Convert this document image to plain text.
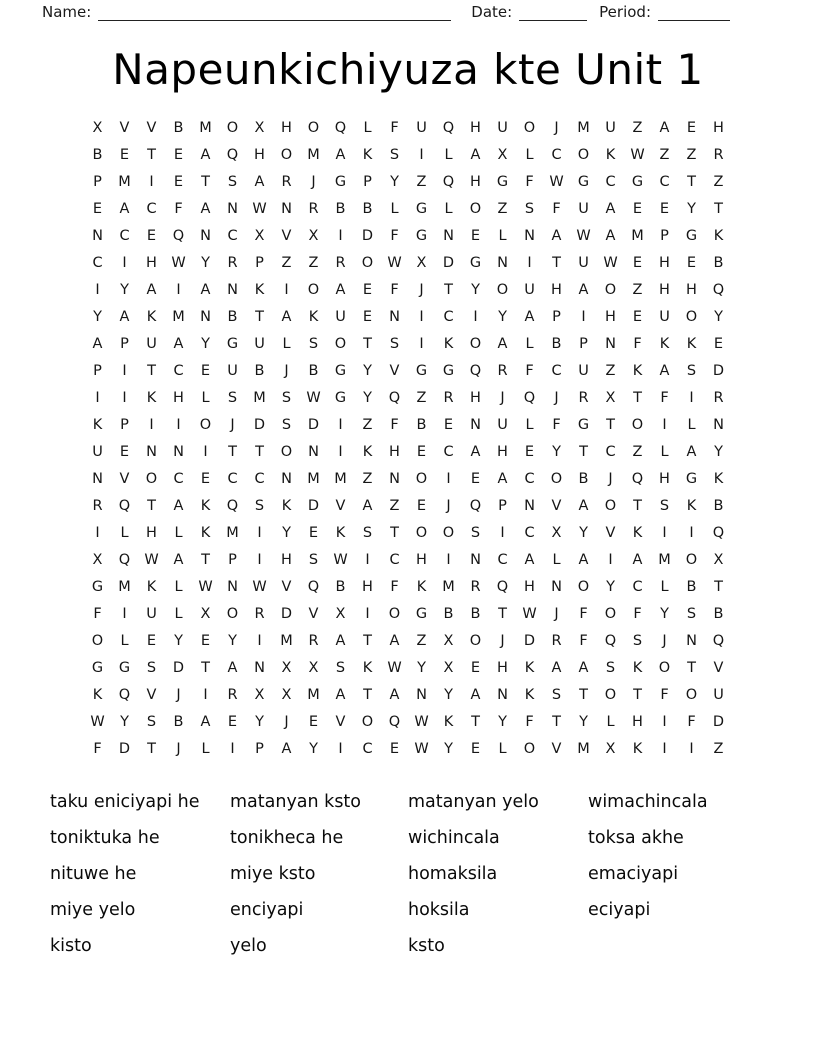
Name:	Date:	Period:
Napeunkichiyuza kte Unit 1
X	V	V	B	M	O	X	H	O	Q	L	F	U	Q	H	U	O	J	M	U	Z	A	E	H
B	E	T	E	A	Q	H	O	M	A	K	S	I	L	A	X	L	C	O	K	W	Z	Z	R
P	M	I	E	T	S	A	R	J	G	P	Y	Z	Q	H	G	F	W G	C	G	C	T	Z
E	A	C	F	A	N W N	R	B	B	L	G	L	O	Z	S	F	U	A	E	E	Y	T
N	C	E	Q	N	C	X	V	X	I	D	F	G	N	E	L	N	A	W	A	M	P	G	K
C	I	H W	Y	R	P	Z	Z	R	O W	X	D	G	N	I	T	U	W	E	H	E	B
I	Y	A	I	A	N	K	I	O	A	E	F	J	T	Y	O	U	H	A	O	Z	H	H	Q
Y	A	K	M	N	B	T	A	K	U	E	N	I	C	I	Y	A	P	I	H	E	U	O	Y
A	P	U	A	Y	G	U	L	S	O	T	S	I	K	O	A	L	B	P	N	F	K	K	E
P	I	T	C	E	U	B	J	B	G	Y	V	G	G	Q	R	F	C	U	Z	K	A	S	D
I	I	K	H	L	S	M	S	W G	Y	Q	Z	R	H	J	Q	J	R	X	T	F	I	R
K	P	I	I	O	J	D	S	D	I	Z	F	B	E	N	U	L	F	G	T	O	I	L	N
U	E	N	N	I	T	T	O	N	I	K	H	E	C	A	H	E	Y	T	C	Z	L	A	Y
N	V	O	C	E	C	C	N	M M	Z	N	O	I	E	A	C	O	B	J	Q	H	G	K
R	Q	T	A	K	Q	S	K	D	V	A	Z	E	J	Q	P	N	V	A	O	T	S	K	B
I	L	H	L	K	M	I	Y	E	K	S	T	O	O	S	I	C	X	Y	V	K	I	I	Q
X	Q W	A	T	P	I	H	S	W	I	C	H	I	N	C	A	L	A	I	A	M	O	X
G	M	K	L	W N W	V	Q	B	H	F	K	M	R	Q	H	N	O	Y	C	L	B	T
F	I	U	L	X	O	R	D	V	X	I	O	G	B	B	T	W	J	F	O	F	Y	S	B
O	L	E	Y	E	Y	I	M	R	A	T	A	Z	X	O	J	D	R	F	Q	S	J	N	Q
G	G	S	D	T	A	N	X	X	S	K	W	Y	X	E	H	K	A	A	S	K	O	T	V
K	Q	V	J	I	R	X	X	M	A	T	A	N	Y	A	N	K	S	T	O	T	F	O	U
W	Y	S	B	A	E	Y	J	E	V	O	Q W	K	T	Y	F	T	Y	L	H	I	F	D
F	D	T	J	L	I	P	A	Y	I	C	E	W	Y	E	L	O	V	M	X	K	I	I	Z
taku eniciyapi he
toniktuka he
nituwe he
miye yelo
kisto
matanyan ksto
tonikheca he
miye ksto
enciyapi
yelo
matanyan yelo
wichincala
homaksila
hoksila
ksto
wimachincala
toksa akhe
emaciyapi
eciyapi
